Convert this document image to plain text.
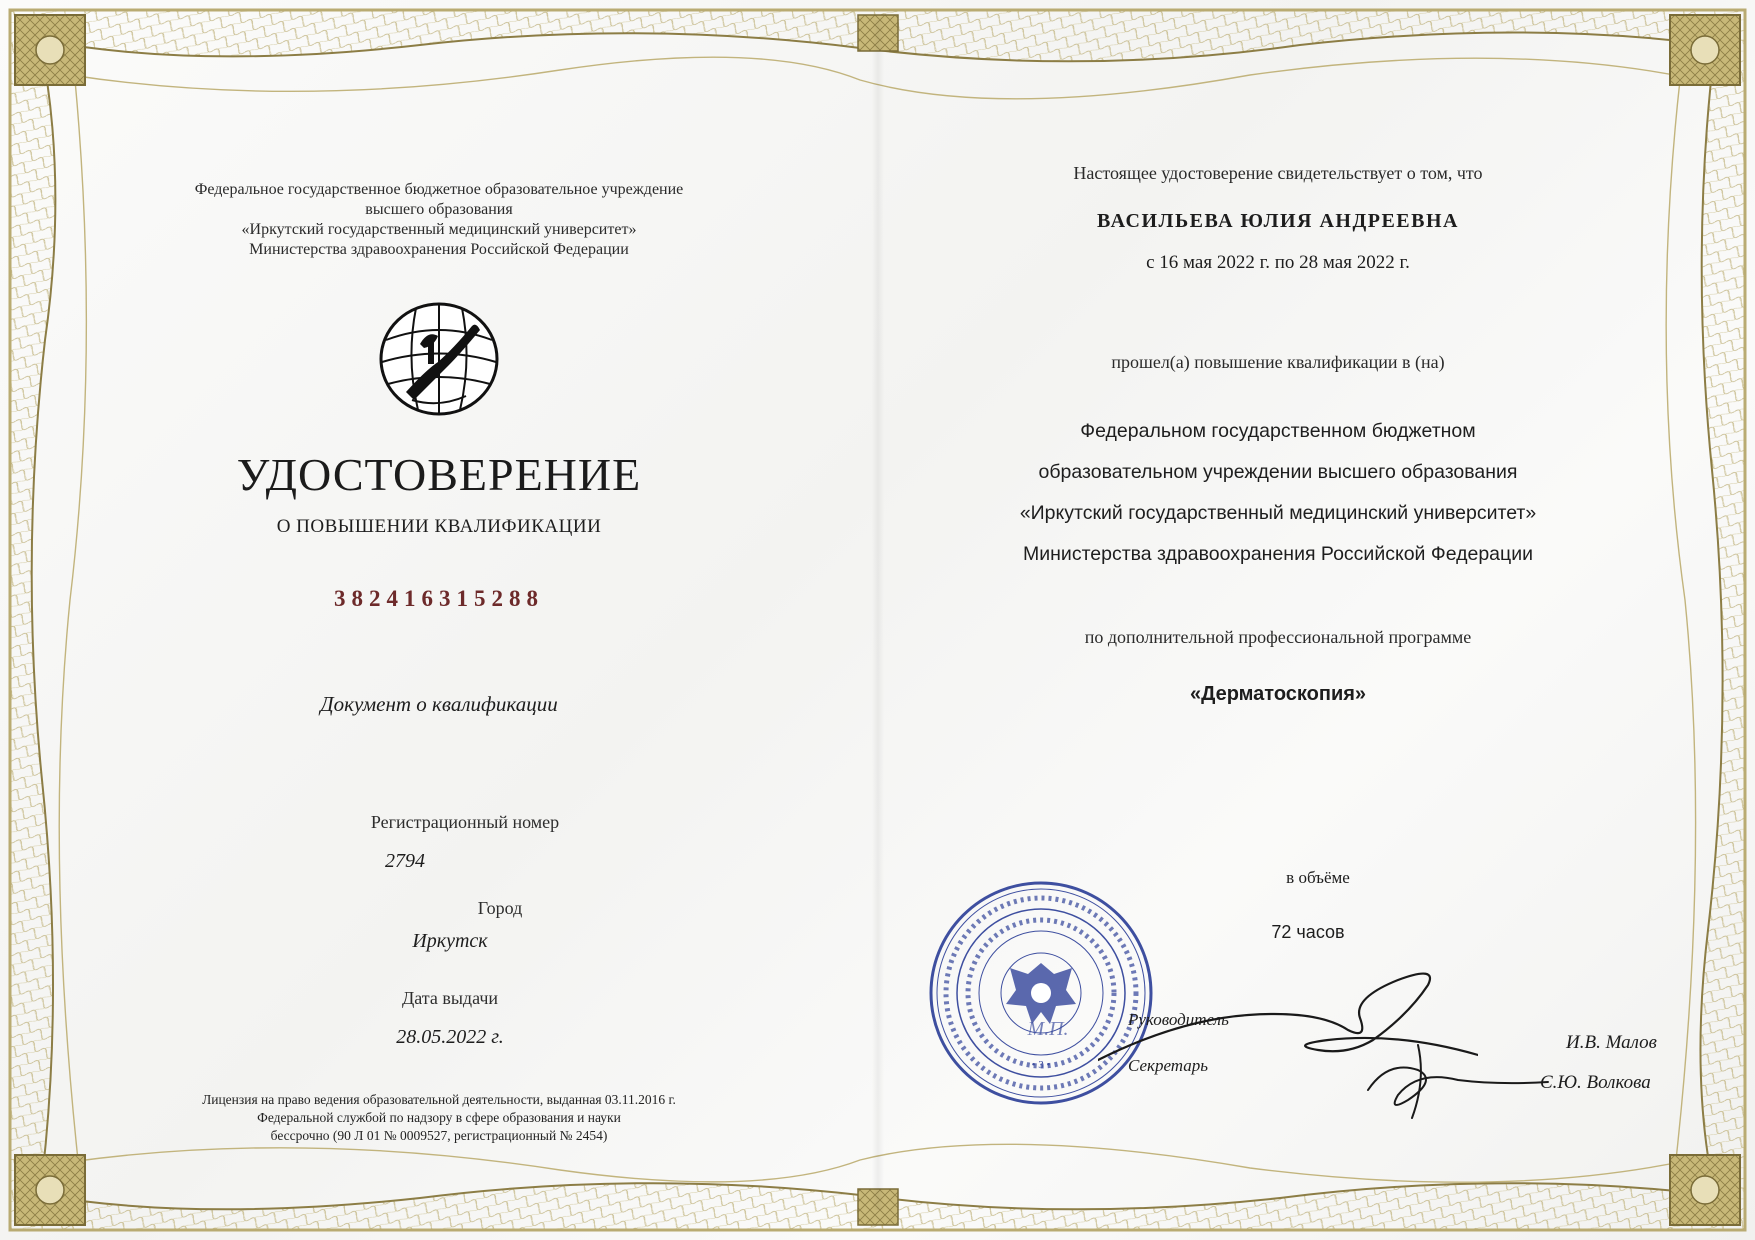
Федеральное государственное бюджетное образовательное учреждение
высшего образования
«Иркутский государственный медицинский университет»
Министерства здравоохранения Российской Федерации
УДОСТОВЕРЕНИЕ
О ПОВЫШЕНИИ КВАЛИФИКАЦИИ
382416315288
Документ о квалификации
Регистрационный номер
2794
Город
Иркутск
Дата выдачи
28.05.2022 г.
Лицензия на право ведения образовательной деятельности, выданная 03.11.2016 г.
Федеральной службой по надзору в сфере образования и науки
бессрочно (90 Л 01 № 0009527, регистрационный № 2454)
Настоящее удостоверение свидетельствует о том, что
ВАСИЛЬЕВА ЮЛИЯ АНДРЕЕВНА
с 16 мая 2022 г. по 28 мая 2022 г.
прошел(а) повышение квалификации в (на)
Федеральном государственном бюджетном
образовательном учреждении высшего образования
«Иркутский государственный медицинский университет»
Министерства здравоохранения Российской Федерации
по дополнительной профессиональной программе
«Дерматоскопия»
в объёме
72 часов
• 3 •
М.П.	Руководитель
Секретарь
И.В. Малов
С.Ю. Волкова
